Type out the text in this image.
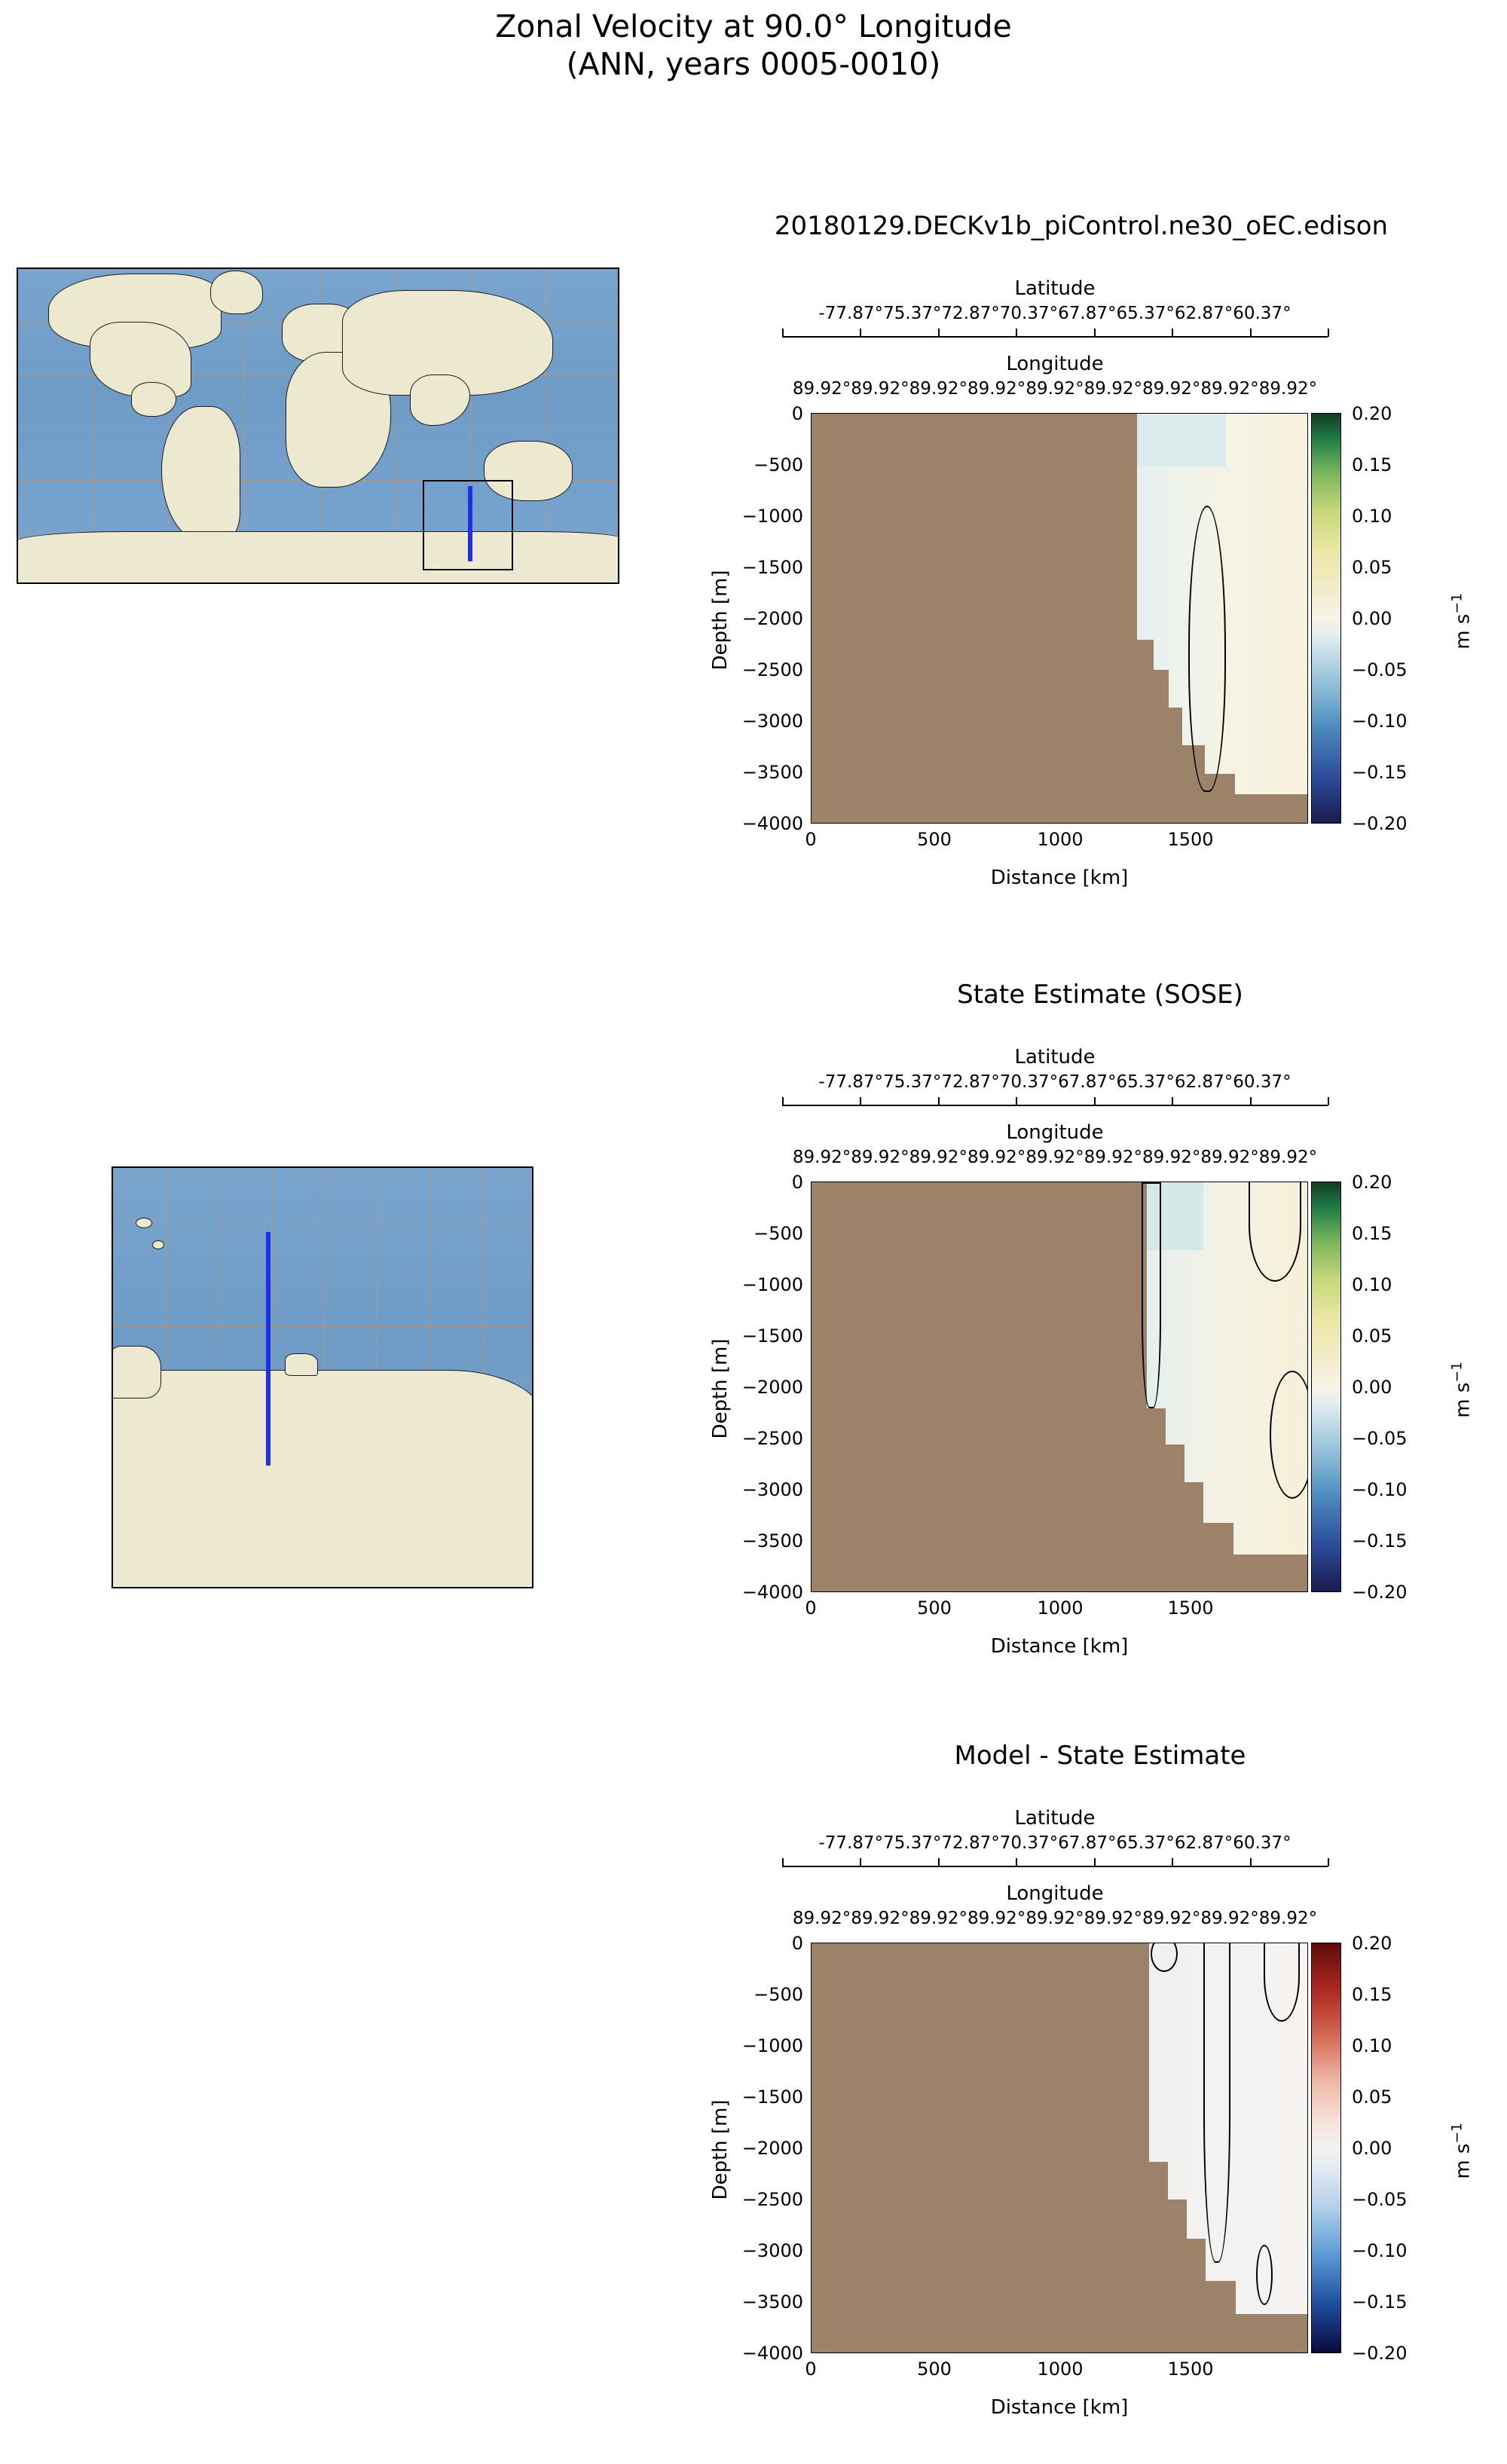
Zonal Velocity at 90.0° Longitude
(ANN, years 0005-0010)
20180129.DECKv1b_piControl.ne30_oEC.edison
Latitude
-77.87°75.37°72.87°70.37°67.87°65.37°62.87°60.37°
Longitude
89.92°89.92°89.92°89.92°89.92°89.92°89.92°89.92°89.92°
0
−500
−1000
−1500
−2000
−2500
−3000
−3500
−4000
Depth [m]
0	500	1000	1500
Distance [km]
0.20
0.15
0.10
0.05
0.00
−0.05
−0.10
−0.15
−0.20
m $s^{-1}$
State Estimate (SOSE)
Latitude
-77.87°75.37°72.87°70.37°67.87°65.37°62.87°60.37°
Longitude
89.92°89.92°89.92°89.92°89.92°89.92°89.92°89.92°89.92°
0
−500
−1000
−1500
−2000
−2500
−3000
−3500
−4000
Depth [m]
0	500	1000	1500
Distance [km]
0.20
0.15
0.10
0.05
0.00
−0.05
−0.10
−0.15
−0.20
m $s^{-1}$
Model - State Estimate
Latitude
-77.87°75.37°72.87°70.37°67.87°65.37°62.87°60.37°
Longitude
89.92°89.92°89.92°89.92°89.92°89.92°89.92°89.92°89.92°
0
−500
−1000
−1500
−2000
−2500
−3000
−3500
−4000
Depth [m]
0	500	1000	1500
Distance [km]
0.20
0.15
0.10
0.05
0.00
−0.05
−0.10
−0.15
−0.20
m $s^{-1}$
